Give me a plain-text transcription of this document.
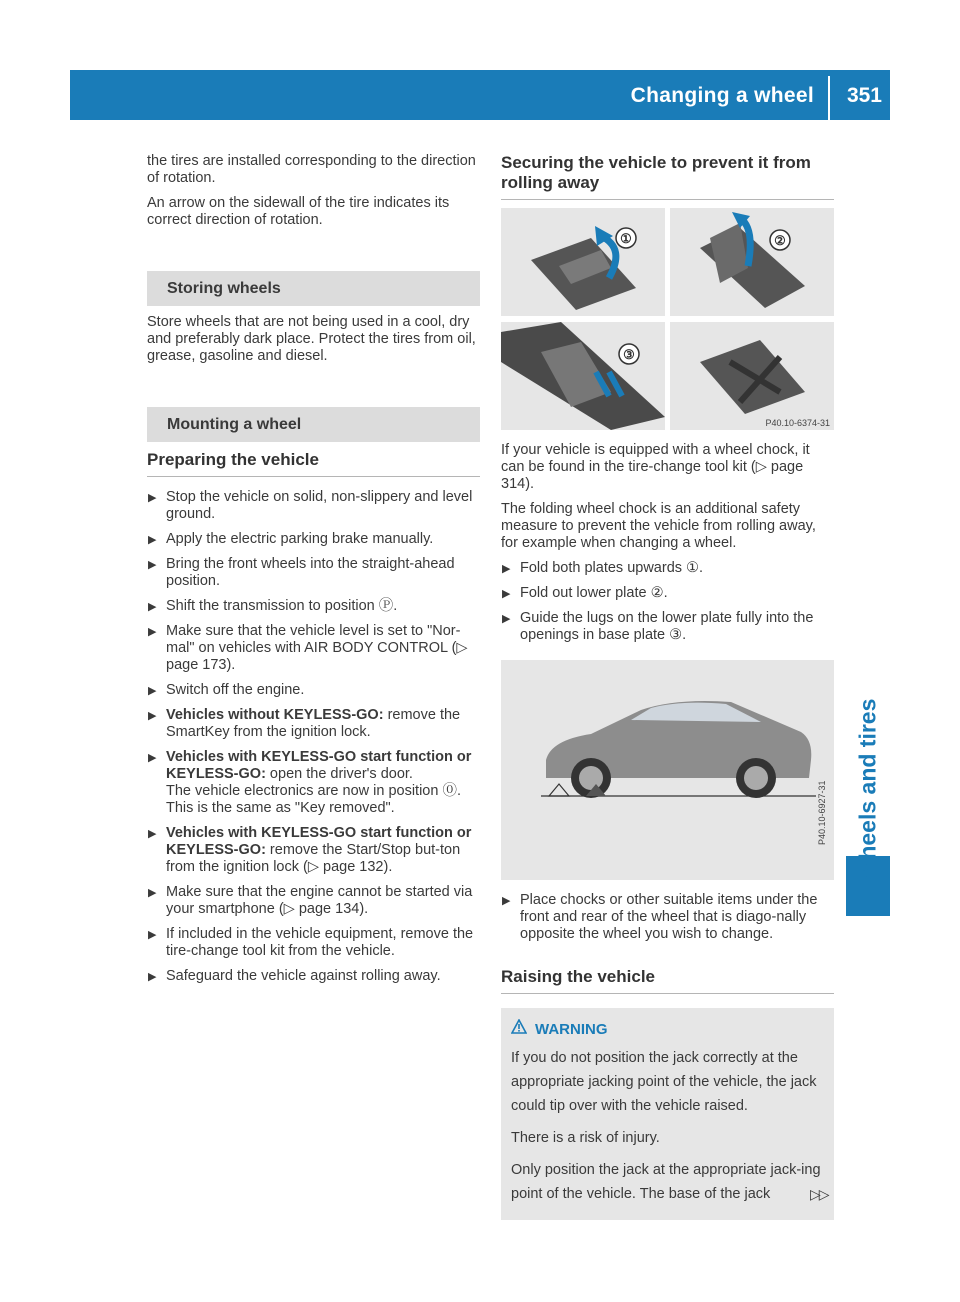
Changing a wheel 351
Wheels and tires

the tires are installed corresponding to the direction of rotation.

An arrow on the sidewall of the tire indicates its correct direction of rotation.

Storing wheels

Store wheels that are not being used in a cool, dry and preferably dark place. Protect the tires from oil, grease, gasoline and diesel.

Mounting a wheel
Preparing the vehicle
▶ Stop the vehicle on solid, non-slippery and level ground.
▶ Apply the electric parking brake manually.
▶ Bring the front wheels into the straight-ahead position.
▶ Shift the transmission to position Ⓟ.
▶ Make sure that the vehicle level is set to "Nor-mal" on vehicles with AIR BODY CONTROL (▷ page 173).
▶ Switch off the engine.
▶ Vehicles without KEYLESS-GO: remove the SmartKey from the ignition lock.
▶ Vehicles with KEYLESS-GO start function or KEYLESS-GO: open the driver's door.
The vehicle electronics are now in position ⓪. This is the same as "Key removed".
▶ Vehicles with KEYLESS-GO start function or KEYLESS-GO: remove the Start/Stop but-ton from the ignition lock (▷ page 132).
▶ Make sure that the engine cannot be started via your smartphone (▷ page 134).
▶ If included in the vehicle equipment, remove the tire-change tool kit from the vehicle.
▶ Safeguard the vehicle against rolling away.
Securing the vehicle to prevent it from rolling away
①	②
③
P40.10-6374-31

If your vehicle is equipped with a wheel chock, it can be found in the tire-change tool kit (▷ page 314).

The folding wheel chock is an additional safety measure to prevent the vehicle from rolling away, for example when changing a wheel.

▶ Fold both plates upwards ①.
▶ Fold out lower plate ②.
▶ Guide the lugs on the lower plate fully into the openings in base plate ③.
P40.10-6927-31
▶ Place chocks or other suitable items under the front and rear of the wheel that is diago-nally opposite the wheel you wish to change.
Raising the vehicle
WARNING

If you do not position the jack correctly at the appropriate jacking point of the vehicle, the jack could tip over with the vehicle raised.

There is a risk of injury.

Only position the jack at the appropriate jack-ing point of the vehicle. The base of the jack	▷▷
